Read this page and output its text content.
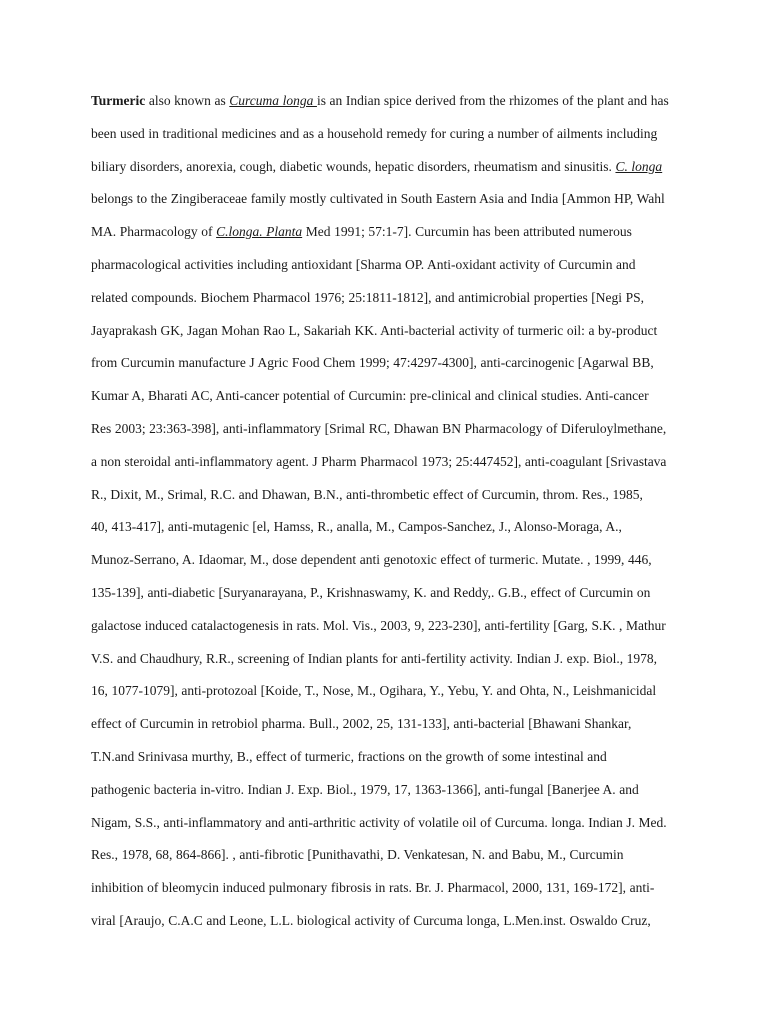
Turmeric also known as Curcuma longa is an Indian spice derived from the rhizomes of the plant and has
been used in traditional medicines and as a household remedy for curing a number of ailments including
biliary disorders, anorexia, cough, diabetic wounds, hepatic disorders, rheumatism and sinusitis. C. longa
belongs to the Zingiberaceae family mostly cultivated in South Eastern Asia and India [Ammon HP, Wahl
MA. Pharmacology of C.longa. Planta Med 1991; 57:1-7]. Curcumin has been attributed numerous
pharmacological activities including antioxidant [Sharma OP. Anti-oxidant activity of Curcumin and
related compounds. Biochem Pharmacol 1976; 25:1811-1812], and antimicrobial properties [Negi PS,
Jayaprakash GK, Jagan Mohan Rao L, Sakariah KK. Anti-bacterial activity of turmeric oil: a by-product
from Curcumin manufacture J Agric Food Chem 1999; 47:4297-4300], anti-carcinogenic [Agarwal BB,
Kumar A, Bharati AC, Anti-cancer potential of Curcumin: pre-clinical and clinical studies. Anti-cancer
Res 2003; 23:363-398], anti-inflammatory [Srimal RC, Dhawan BN Pharmacology of Diferuloylmethane,
a non steroidal anti-inflammatory agent. J Pharm Pharmacol 1973; 25:447452], anti-coagulant [Srivastava
R., Dixit, M., Srimal, R.C. and Dhawan, B.N., anti-thrombetic effect of Curcumin, throm. Res., 1985,
40, 413-417], anti-mutagenic [el, Hamss, R., analla, M., Campos-Sanchez, J., Alonso-Moraga, A.,
Munoz-Serrano, A. Idaomar, M., dose dependent anti genotoxic effect of turmeric. Mutate. , 1999, 446,
135-139], anti-diabetic [Suryanarayana, P., Krishnaswamy, K. and Reddy,. G.B., effect of Curcumin on
galactose induced catalactogenesis in rats. Mol. Vis., 2003, 9, 223-230], anti-fertility [Garg, S.K. , Mathur
V.S. and Chaudhury, R.R., screening of Indian plants for anti-fertility activity. Indian J. exp. Biol., 1978,
16, 1077-1079], anti-protozoal [Koide, T., Nose, M., Ogihara, Y., Yebu, Y. and Ohta, N., Leishmanicidal
effect of Curcumin in retrobiol pharma. Bull., 2002, 25, 131-133], anti-bacterial [Bhawani Shankar,
T.N.and Srinivasa murthy, B., effect of turmeric, fractions on the growth of some intestinal and
pathogenic bacteria in-vitro. Indian J. Exp. Biol., 1979, 17, 1363-1366], anti-fungal [Banerjee A. and
Nigam, S.S., anti-inflammatory and anti-arthritic activity of volatile oil of Curcuma. longa. Indian J. Med.
Res., 1978, 68, 864-866]. , anti-fibrotic [Punithavathi, D. Venkatesan, N. and Babu, M., Curcumin
inhibition of bleomycin induced pulmonary fibrosis in rats. Br. J. Pharmacol, 2000, 131, 169-172], anti-
viral [Araujo, C.A.C and Leone, L.L. biological activity of Curcuma longa, L.Men.inst. Oswaldo Cruz,
